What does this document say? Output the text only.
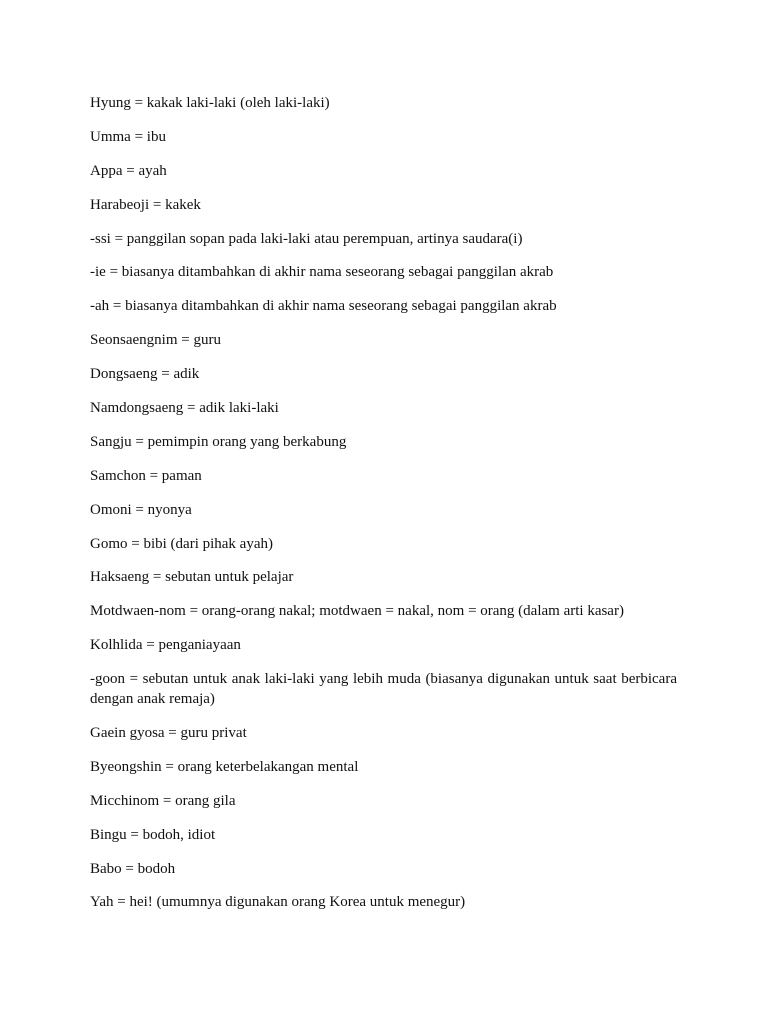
Hyung = kakak laki-laki (oleh laki-laki)

Umma = ibu

Appa = ayah

Harabeoji = kakek

-ssi = panggilan sopan pada laki-laki atau perempuan, artinya saudara(i)

-ie = biasanya ditambahkan di akhir nama seseorang sebagai panggilan akrab

-ah = biasanya ditambahkan di akhir nama seseorang sebagai panggilan akrab

Seonsaengnim = guru

Dongsaeng = adik

Namdongsaeng = adik laki-laki

Sangju = pemimpin orang yang berkabung

Samchon = paman

Omoni = nyonya

Gomo = bibi (dari pihak ayah)

Haksaeng = sebutan untuk pelajar

Motdwaen-nom = orang-orang nakal; motdwaen = nakal, nom = orang (dalam arti kasar)

Kolhlida = penganiayaan

-goon = sebutan untuk anak laki-laki yang lebih muda (biasanya digunakan untuk saat berbicara dengan anak remaja)

Gaein gyosa = guru privat

Byeongshin = orang keterbelakangan mental

Micchinom = orang gila

Bingu = bodoh, idiot

Babo = bodoh

Yah = hei! (umumnya digunakan orang Korea untuk menegur)
